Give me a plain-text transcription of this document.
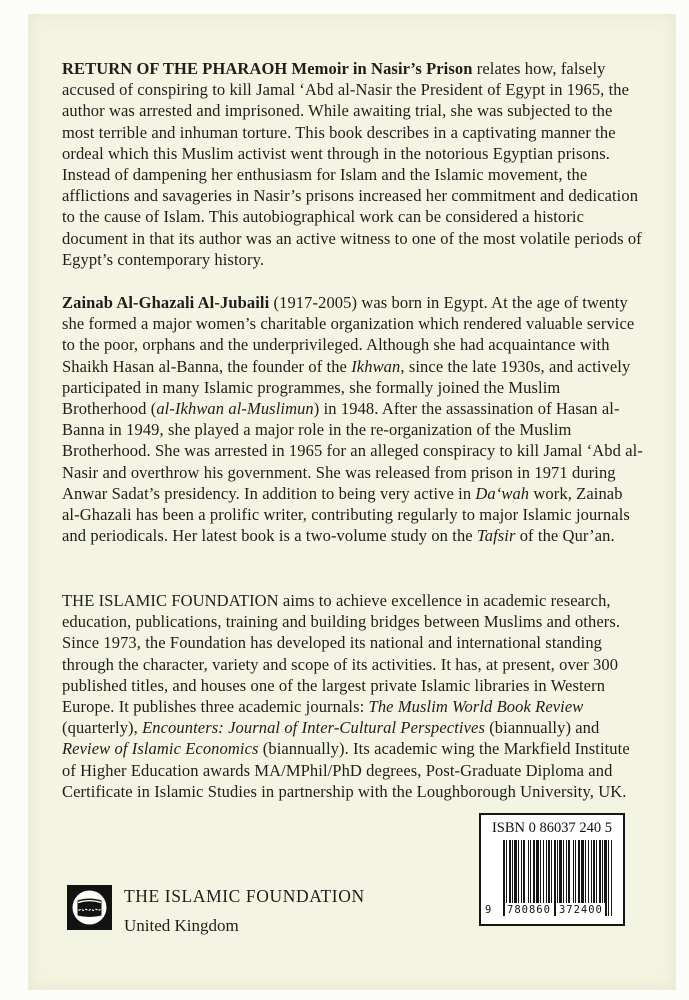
RETURN OF THE PHARAOH Memoir in Nasir’s Prison relates how, falsely accused of conspiring to kill Jamal ‘Abd al-Nasir the President of Egypt in 1965, the author was arrested and imprisoned. While awaiting trial, she was subjected to the most terrible and inhuman torture. This book describes in a captivating manner the ordeal which this Muslim activist went through in the notorious Egyptian prisons. Instead of dampening her enthusiasm for Islam and the Islamic movement, the afflictions and savageries in Nasir’s prisons increased her commitment and dedication to the cause of Islam. This autobiographical work can be considered a historic document in that its author was an active witness to one of the most volatile periods of Egypt’s contemporary history.

Zainab Al-Ghazali Al-Jubaili (1917-2005) was born in Egypt. At the age of twenty she formed a major women’s charitable organization which rendered valuable service to the poor, orphans and the underprivileged. Although she had acquaintance with Shaikh Hasan al-Banna, the founder of the Ikhwan, since the late 1930s, and actively participated in many Islamic programmes, she formally joined the Muslim Brotherhood (al-Ikhwan al-Muslimun) in 1948. After the assassination of Hasan al-Banna in 1949, she played a major role in the re-organization of the Muslim Brotherhood. She was arrested in 1965 for an alleged conspiracy to kill Jamal ‘Abd al-Nasir and overthrow his government. She was released from prison in 1971 during Anwar Sadat’s presidency. In addition to being very active in Da‘wah work, Zainab al-Ghazali has been a prolific writer, contributing regularly to major Islamic journals and periodicals. Her latest book is a two-volume study on the Tafsir of the Qur’an.

THE ISLAMIC FOUNDATION aims to achieve excellence in academic research, education, publications, training and building bridges between Muslims and others. Since 1973, the Foundation has developed its national and international standing through the character, variety and scope of its activities. It has, at present, over 300 published titles, and houses one of the largest private Islamic libraries in Western Europe. It publishes three academic journals: The Muslim World Book Review (quarterly), Encounters: Journal of Inter-Cultural Perspectives (biannually) and Review of Islamic Economics (biannually). Its academic wing the Markfield Institute of Higher Education awards MA/MPhil/PhD degrees, Post-Graduate Diploma and Certificate in Islamic Studies in partnership with the Loughborough University, UK.

ISBN 0 86037 240 5
9	780860 372400
THE ISLAMIC FOUNDATION
United Kingdom
